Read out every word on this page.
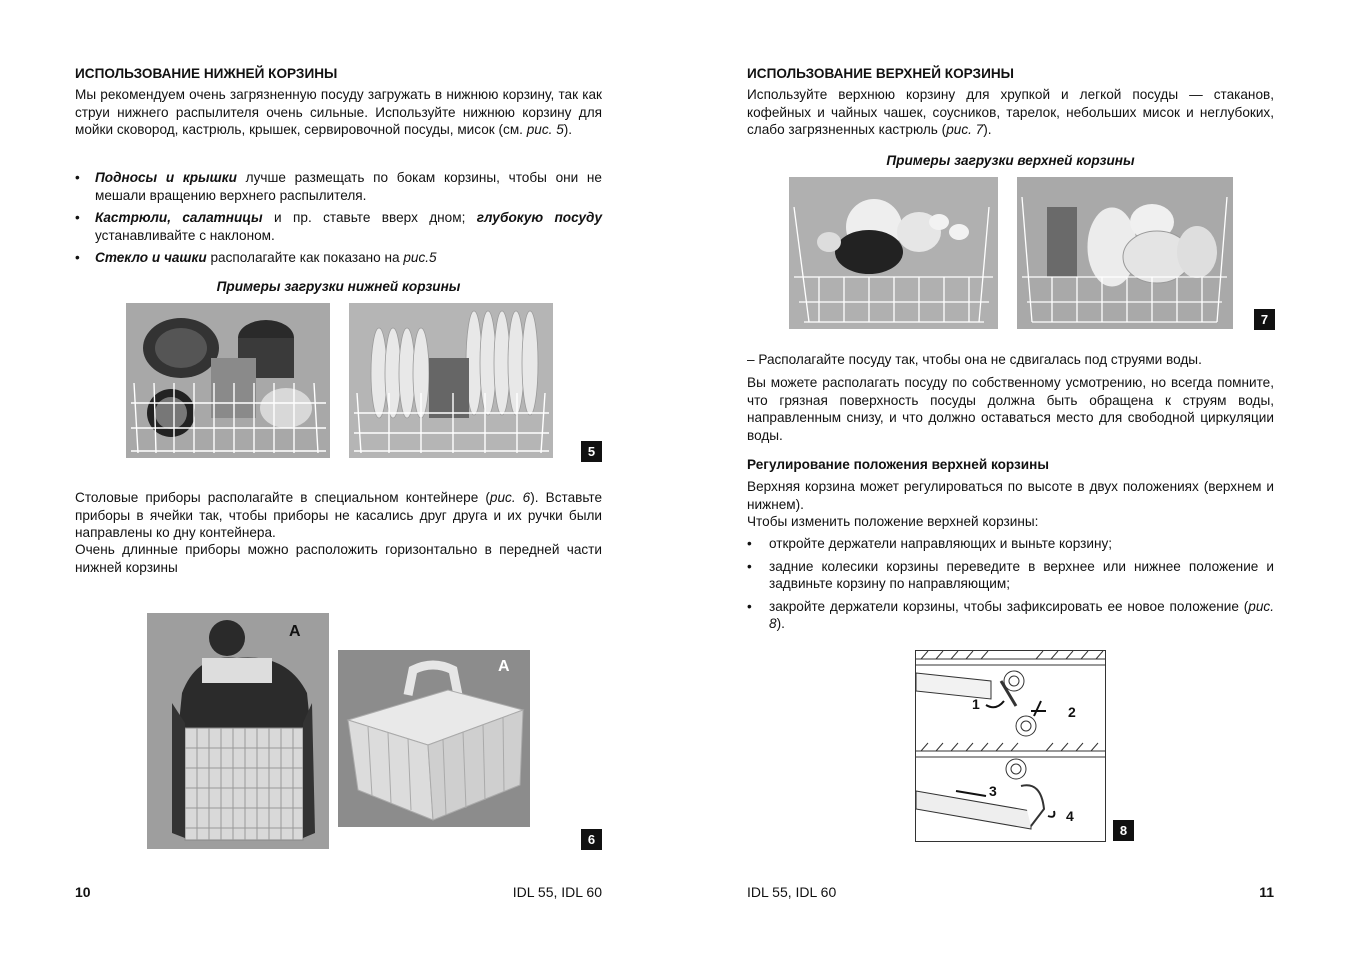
ИСПОЛЬЗОВАНИЕ НИЖНЕЙ КОРЗИНЫ
Мы рекомендуем очень загрязненную посуду загружать в нижнюю корзину, так как струи нижнего распылителя очень сильные. Используйте нижнюю корзину для мойки сковород, кастрюль, крышек, сервировочной посуды, мисок (см. рис. 5).
• Подносы и крышки лучше размещать по бокам корзины, чтобы они не мешали вращению верхнего распылителя.
• Кастрюли, салатницы и пр. ставьте вверх дном; глубокую посуду устанавливайте с наклоном.
• Стекло и чашки располагайте как показано на рис.5
Примеры загрузки нижней корзины
5
Столовые приборы располагайте в специальном контейнере (рис. 6). Вставьте приборы в ячейки так, чтобы приборы не касались друг друга и их ручки были направлены ко дну контейнера.
Очень длинные приборы можно расположить горизонтально в передней части нижней корзины
A
A
6
10	IDL 55, IDL 60
ИСПОЛЬЗОВАНИЕ ВЕРХНЕЙ КОРЗИНЫ
Используйте верхнюю корзину для хрупкой и легкой посуды — стаканов, кофейных и чайных чашек, соусников, тарелок, небольших мисок и неглубоких, слабо загрязненных кастрюль (рис. 7).
Примеры загрузки верхней корзины
7
– Располагайте посуду так, чтобы она не сдвигалась под струями воды.
Вы можете располагать посуду по собственному усмотрению, но всегда помните, что грязная поверхность посуды должна быть обращена к струям воды, направленным снизу, и что должно оставаться место для свободной циркуляции воды.
Регулирование положения верхней корзины
Верхняя корзина может регулироваться по высоте в двух положениях (верхнем и нижнем).
Чтобы изменить положение верхней корзины:
• откройте держатели направляющих и выньте корзину;
• задние колесики корзины переведите в верхнее или нижнее положение и задвиньте корзину по направляющим;
• закройте держатели корзины, чтобы зафиксировать ее новое положение (рис. 8).
1	2
3
4
8
IDL 55, IDL 60	11
